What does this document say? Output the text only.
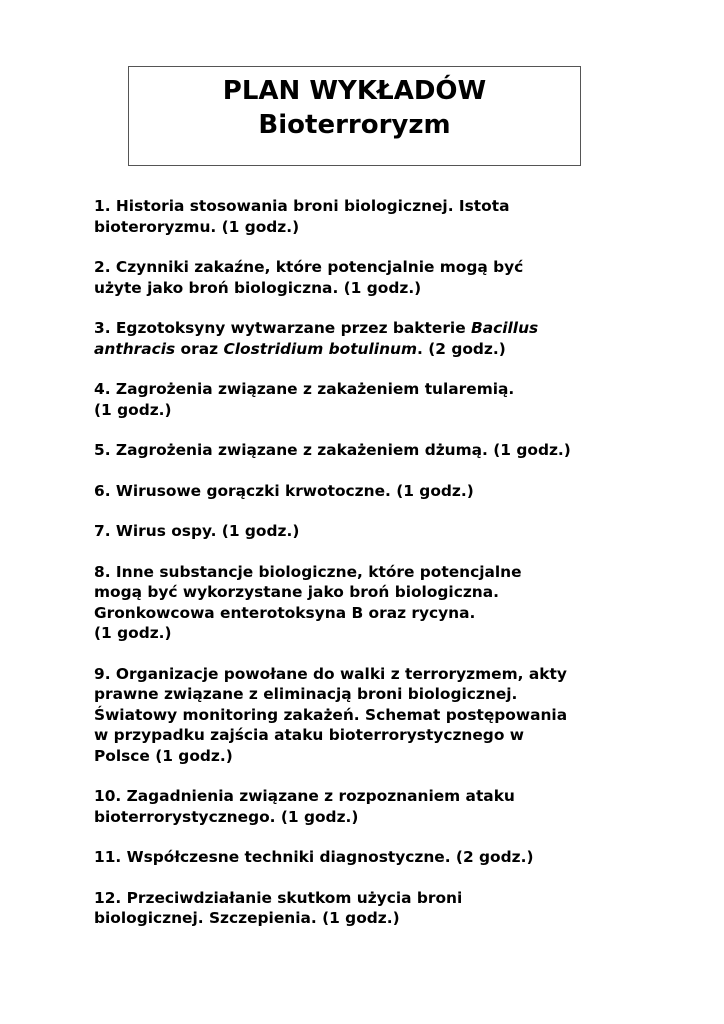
PLAN WYKŁADÓW
Bioterroryzm
1. Historia stosowania broni biologicznej. Istota
bioteroryzmu. (1 godz.)
2. Czynniki zakaźne, które potencjalnie mogą być
użyte jako broń biologiczna. (1 godz.)
3. Egzotoksyny wytwarzane przez bakterie Bacillus
anthracis oraz Clostridium botulinum. (2 godz.)
4. Zagrożenia związane z zakażeniem tularemią.
(1 godz.)
5. Zagrożenia związane z zakażeniem dżumą. (1 godz.)
6. Wirusowe gorączki krwotoczne. (1 godz.)
7. Wirus ospy. (1 godz.)
8. Inne substancje biologiczne, które potencjalne
mogą być wykorzystane jako broń biologiczna.
Gronkowcowa enterotoksyna B oraz rycyna.
(1 godz.)
9. Organizacje powołane do walki z terroryzmem, akty
prawne związane z eliminacją broni biologicznej.
Światowy monitoring zakażeń. Schemat postępowania
w przypadku zajścia ataku bioterrorystycznego w
Polsce (1 godz.)
10. Zagadnienia związane z rozpoznaniem ataku
bioterrorystycznego. (1 godz.)
11. Współczesne techniki diagnostyczne. (2 godz.)
12. Przeciwdziałanie skutkom użycia broni
biologicznej. Szczepienia. (1 godz.)
